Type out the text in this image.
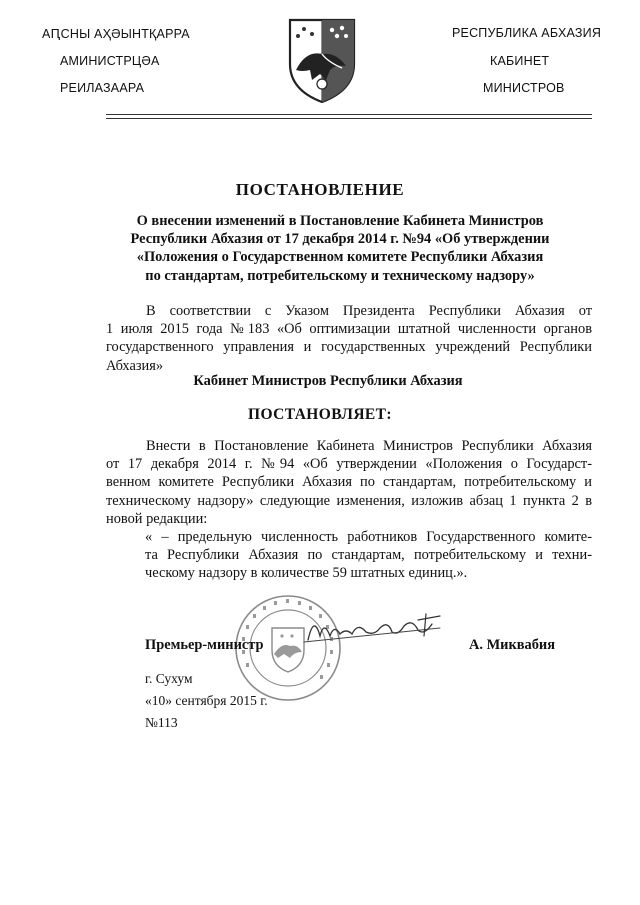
АԤСНЫ АҲӘЫНТҚАРРА
АМИНИСТРЦӘА
РЕИЛАЗААРА
РЕСПУБЛИКА АБХАЗИЯ
КАБИНЕТ
МИНИСТРОВ
ПОСТАНОВЛЕНИЕ
О внесении изменений в Постановление Кабинета Министров
Республики Абхазия от 17 декабря 2014 г. №94 «Об утверждении
«Положения о Государственном комитете Республики Абхазия
по стандартам, потребительскому и техническому надзору»
В соответствии с Указом Президента Республики Абхазия от
1 июля 2015 года №183 «Об оптимизации штатной численности органов
государственного управления и государственных учреждений Республики
Абхазия»
Кабинет Министров Республики Абхазия
ПОСТАНОВЛЯЕТ:
Внести в Постановление Кабинета Министров Республики Абхазия
от 17 декабря 2014 г. №94 «Об утверждении «Положения о Государст-
венном комитете Республики Абхазия по стандартам, потребительскому и
техническому надзору» следующие изменения, изложив абзац 1 пункта 2 в
новой редакции:
« – предельную численность работников Государственного комите-
та Республики Абхазия по стандартам, потребительскому и техни-
ческому надзору в количестве 59 штатных единиц.».
Премьер-министр	А. Миквабия
г. Сухум
«10» сентября 2015 г.
№113
